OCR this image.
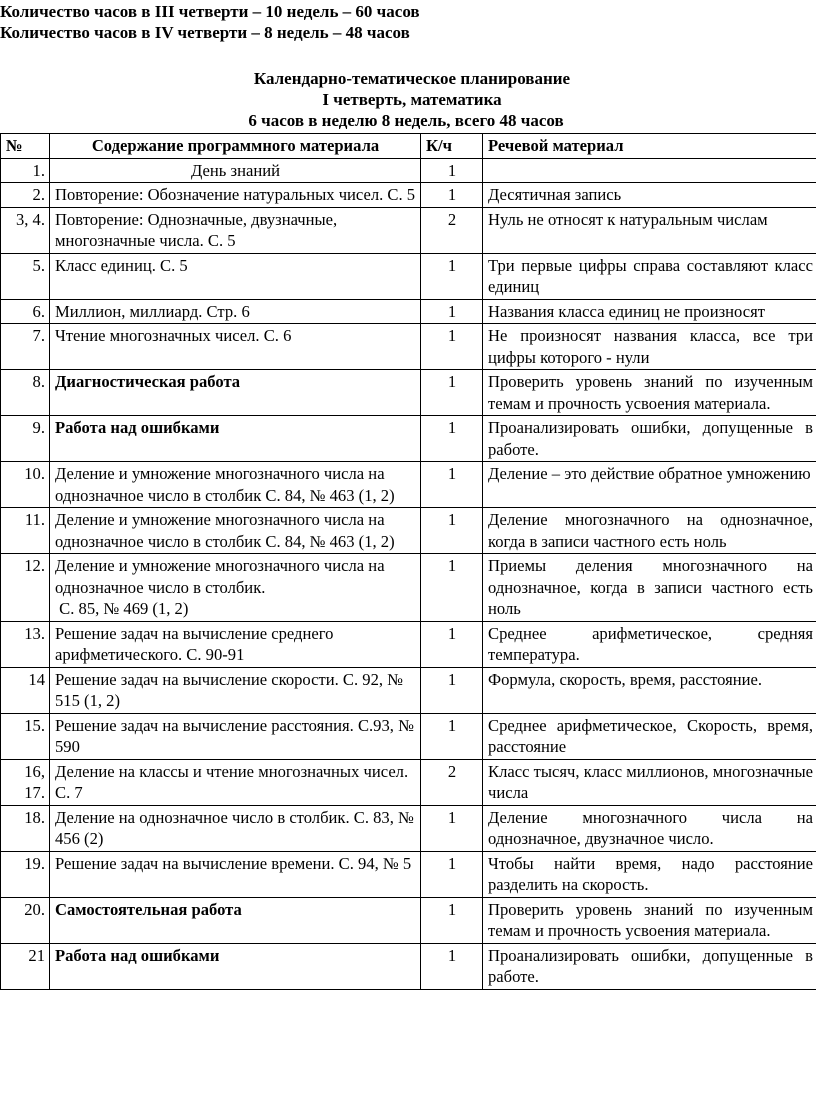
Количество часов в III четверти – 10 недель – 60 часов
Количество часов в IV четверти – 8 недель – 48 часов
Календарно-тематическое планирование
I четверть, математика
6 часов в неделю 8 недель, всего 48 часов
№	Содержание программного материала	К/ч	Речевой материал
1.	День знаний	1	
2.	Повторение: Обозначение натуральных чисел. С. 5	1	Десятичная запись
3, 4.	Повторение: Однозначные, двузначные, многозначные числа. С. 5	2	Нуль не относят к натуральным числам
5.	Класс единиц. С. 5	1	Три первые цифры справа составляют класс единиц
6.	Миллион, миллиард. Стр. 6	1	Названия класса единиц не произносят
7.	Чтение многозначных чисел. С. 6	1	Не произносят названия класса, все три цифры которого - нули
8.	Диагностическая работа	1	Проверить уровень знаний по изученным темам и прочность усвоения материала.
9.	Работа над ошибками	1	Проанализировать ошибки, допущенные в работе.
10.	Деление и умножение многозначного числа на однозначное число в столбик С. 84, № 463 (1, 2)	1	Деление – это действие обратное умножению
11.	Деление и умножение многозначного числа на однозначное число в столбик С. 84, № 463 (1, 2)	1	Деление многозначного на однозначное, когда в записи частного есть ноль
12.	Деление и умножение многозначного числа на однозначное число в столбик.
С. 85, № 469 (1, 2)	1	Приемы деления многозначного на однозначное, когда в записи частного есть ноль
13.	Решение задач на вычисление среднего арифметического. С. 90-91	1	Среднее арифметическое, средняя температура.
14	Решение задач на вычисление скорости. С. 92, № 515 (1, 2)	1	Формула, скорость, время, расстояние.
15.	Решение задач на вычисление расстояния. С.93, № 590	1	Среднее арифметическое, Скорость, время, расстояние
16, 17.	Деление на классы и чтение многозначных чисел. С. 7	2	Класс тысяч, класс миллионов, многозначные числа
18.	Деление на однозначное число в столбик. С. 83, № 456 (2)	1	Деление многозначного числа на однозначное, двузначное число.
19.	Решение задач на вычисление времени. С. 94, № 5	1	Чтобы найти время, надо расстояние разделить на скорость.
20.	Самостоятельная работа	1	Проверить уровень знаний по изученным темам и прочность усвоения материала.
21	Работа над ошибками	1	Проанализировать ошибки, допущенные в работе.
